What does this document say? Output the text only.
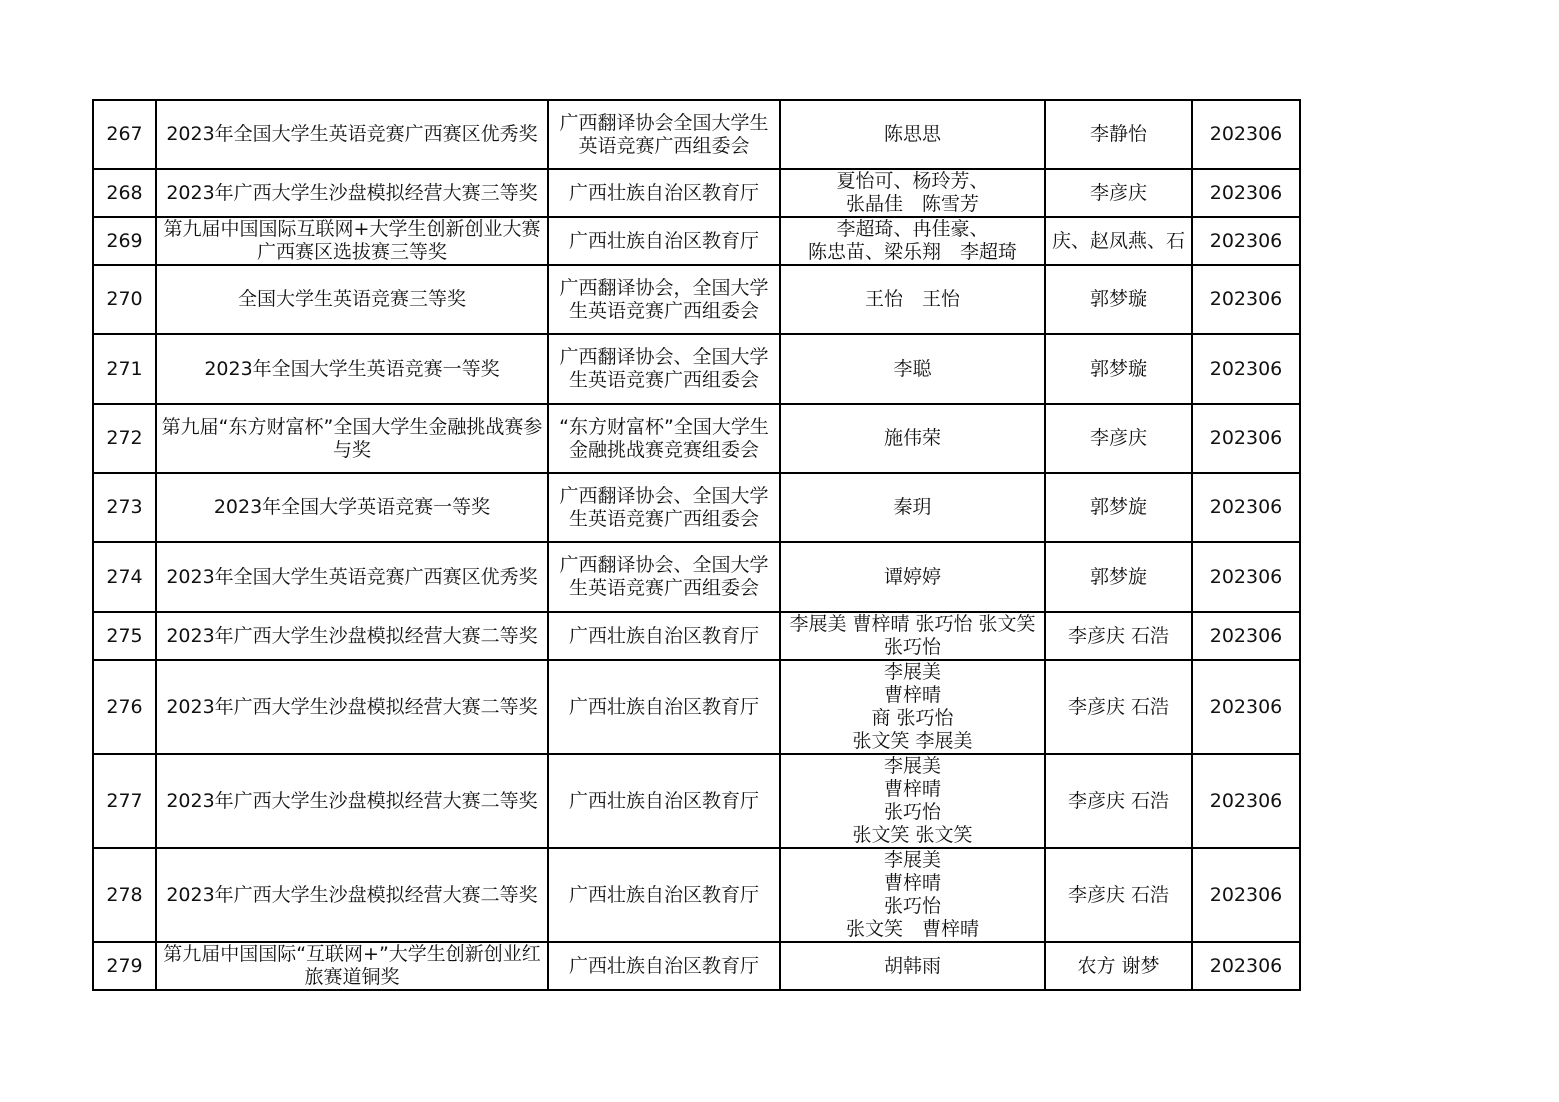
267	2023年全国大学生英语竞赛广西赛区优秀奖	广西翻译协会全国大学生英语竞赛广西组委会	陈思思	李静怡	202306
268	2023年广西大学生沙盘模拟经营大赛三等奖	广西壮族自治区教育厅	夏怡可、杨玲芳、
张晶佳　陈雪芳	李彦庆	202306
269	第九届中国国际互联网+大学生创新创业大赛广西赛区选拔赛三等奖	广西壮族自治区教育厅	李超琦、冉佳豪、
陈忠苗、梁乐翔　李超琦	庆、赵凤燕、石	202306
270	全国大学生英语竞赛三等奖	广西翻译协会，全国大学生英语竞赛广西组委会	王怡　王怡	郭梦璇	202306
271	2023年全国大学生英语竞赛一等奖	广西翻译协会、全国大学生英语竞赛广西组委会	李聪	郭梦璇	202306
272	第九届“东方财富杯”全国大学生金融挑战赛参与奖	“东方财富杯”全国大学生金融挑战赛竞赛组委会	施伟荣	李彦庆	202306
273	2023年全国大学英语竞赛一等奖	广西翻译协会、全国大学生英语竞赛广西组委会	秦玥	郭梦旋	202306
274	2023年全国大学生英语竞赛广西赛区优秀奖	广西翻译协会、全国大学生英语竞赛广西组委会	谭婷婷	郭梦旋	202306
275	2023年广西大学生沙盘模拟经营大赛二等奖	广西壮族自治区教育厅	李展美 曹梓晴 张巧怡 张文笑 张巧怡	李彦庆 石浩	202306
276	2023年广西大学生沙盘模拟经营大赛二等奖	广西壮族自治区教育厅	李展美
曹梓晴
商 张巧怡
张文笑 李展美	李彦庆 石浩	202306
277	2023年广西大学生沙盘模拟经营大赛二等奖	广西壮族自治区教育厅	李展美
曹梓晴
张巧怡
张文笑 张文笑	李彦庆 石浩	202306
278	2023年广西大学生沙盘模拟经营大赛二等奖	广西壮族自治区教育厅	李展美
曹梓晴
张巧怡
张文笑　曹梓晴	李彦庆 石浩	202306
279	第九届中国国际“互联网+”大学生创新创业红旅赛道铜奖	广西壮族自治区教育厅	胡韩雨	农方 谢梦	202306
